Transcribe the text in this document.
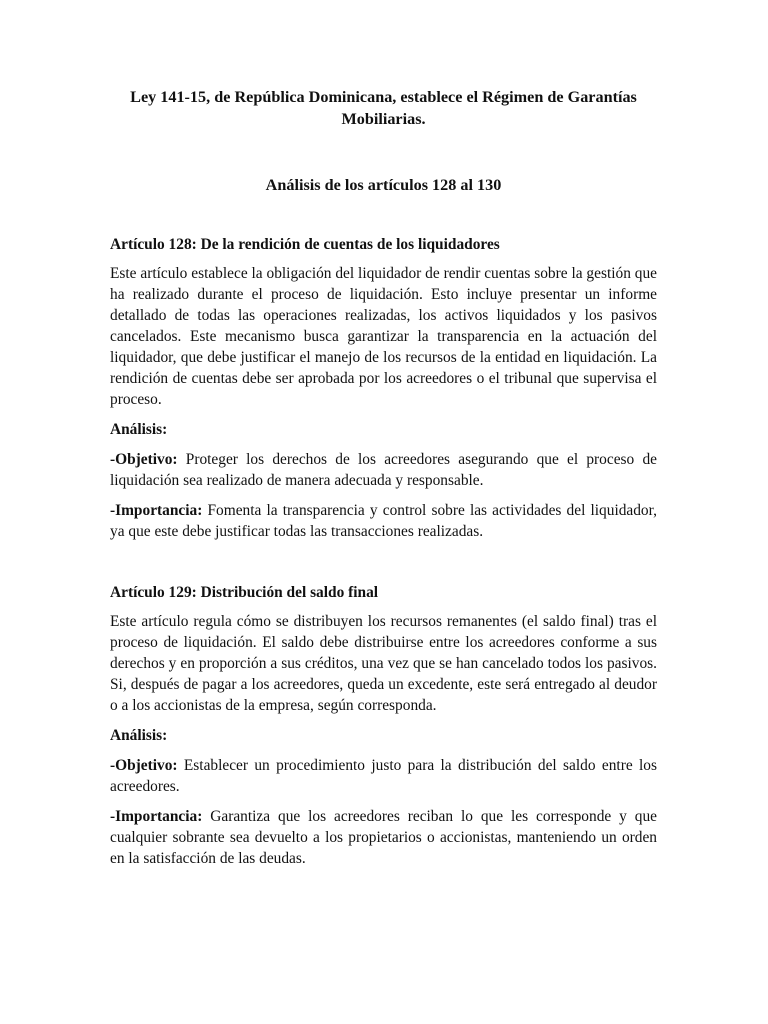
Ley 141-15, de República Dominicana, establece el Régimen de Garantías Mobiliarias.

Análisis de los artículos 128 al 130

Artículo 128: De la rendición de cuentas de los liquidadores

Este artículo establece la obligación del liquidador de rendir cuentas sobre la gestión que ha realizado durante el proceso de liquidación. Esto incluye presentar un informe detallado de todas las operaciones realizadas, los activos liquidados y los pasivos cancelados. Este mecanismo busca garantizar la transparencia en la actuación del liquidador, que debe justificar el manejo de los recursos de la entidad en liquidación. La rendición de cuentas debe ser aprobada por los acreedores o el tribunal que supervisa el proceso.

Análisis:

-Objetivo: Proteger los derechos de los acreedores asegurando que el proceso de liquidación sea realizado de manera adecuada y responsable.

-Importancia: Fomenta la transparencia y control sobre las actividades del liquidador, ya que este debe justificar todas las transacciones realizadas.

Artículo 129: Distribución del saldo final

Este artículo regula cómo se distribuyen los recursos remanentes (el saldo final) tras el proceso de liquidación. El saldo debe distribuirse entre los acreedores conforme a sus derechos y en proporción a sus créditos, una vez que se han cancelado todos los pasivos. Si, después de pagar a los acreedores, queda un excedente, este será entregado al deudor o a los accionistas de la empresa, según corresponda.

Análisis:

-Objetivo: Establecer un procedimiento justo para la distribución del saldo entre los acreedores.

-Importancia: Garantiza que los acreedores reciban lo que les corresponde y que cualquier sobrante sea devuelto a los propietarios o accionistas, manteniendo un orden en la satisfacción de las deudas.
